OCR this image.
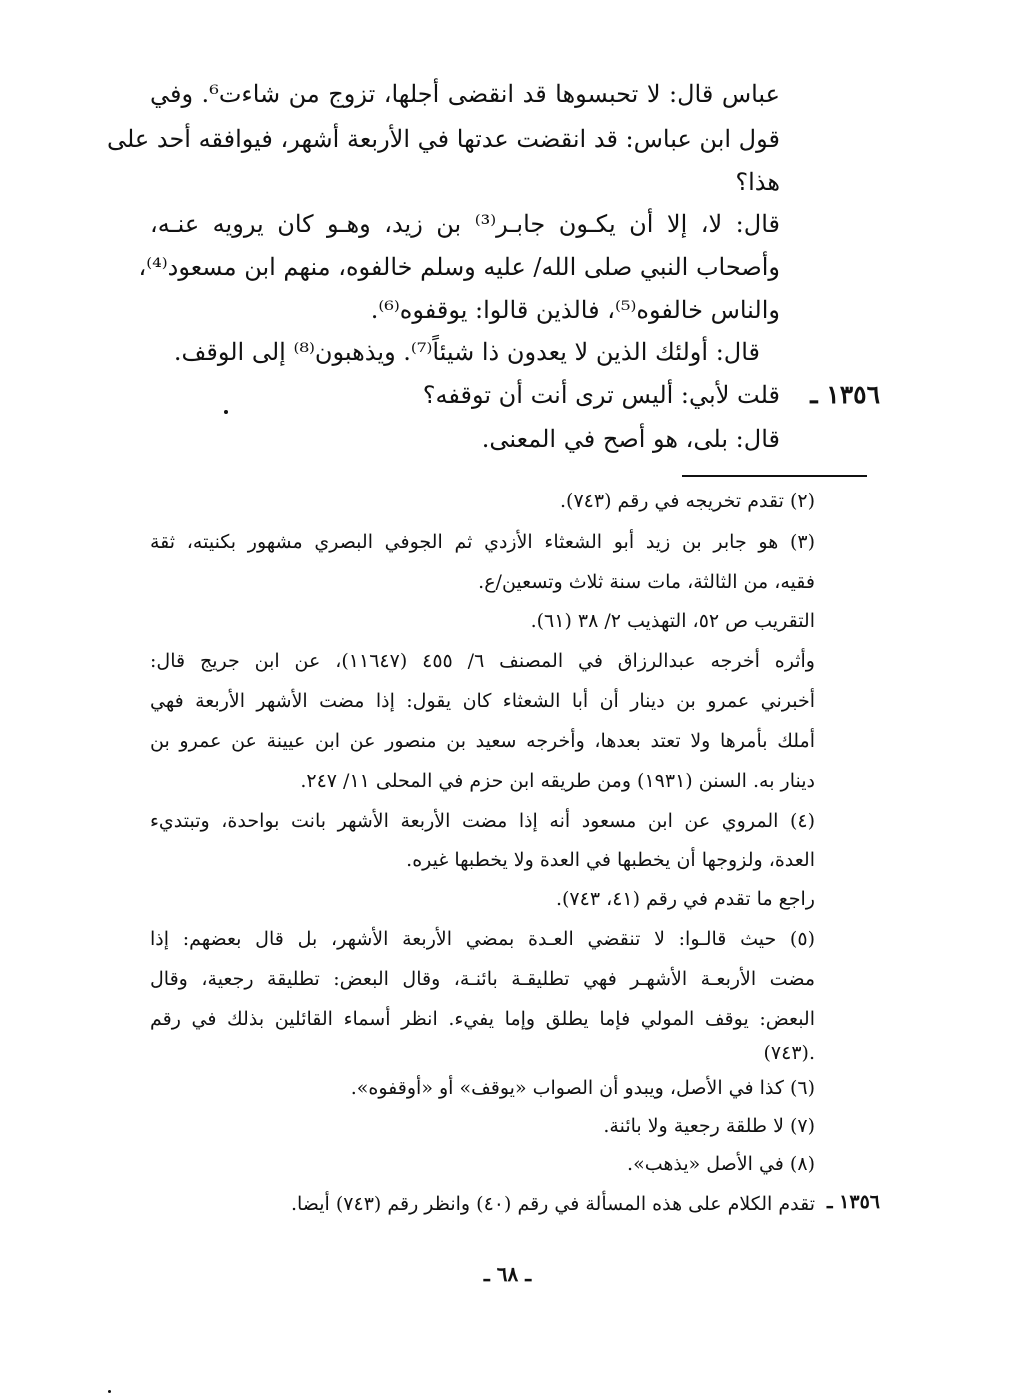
عباس قال: لا تحبسوها قد انقضى أجلها، تزوج من شاءت⁶. وفي
قول ابن عباس: قد انقضت عدتها في الأربعة أشهر، فيوافقه أحد على
هذا؟
قال: لا، إلا أن يكـون جابـر⁽³⁾ بن زيد، وهـو كان يرويه عنـه،
وأصحاب النبي صلى الله/ عليه وسلم خالفوه، منهم ابن مسعود⁽⁴⁾،
والناس خالفوه⁽⁵⁾، فالذين قالوا: يوقفوه⁽⁶⁾.
قال: أولئك الذين لا يعدون ذا شيئاً⁽⁷⁾. ويذهبون⁽⁸⁾ إلى الوقف.
قلت لأبي: أليس ترى أنت أن توقفه؟
قال: بلى، هو أصح في المعنى.
١٣٥٦ ـ
(٢) تقدم تخريجه في رقم (٧٤٣).
(٣) هو جابر بن زيد أبو الشعثاء الأزدي ثم الجوفي البصري مشهور بكنيته، ثقة
فقيه، من الثالثة، مات سنة ثلاث وتسعين/ع.
التقريب ص ٥٢، التهذيب ٢/ ٣٨ (٦١).
وأثره أخرجه عبدالرزاق في المصنف ٦/ ٤٥٥ (١١٦٤٧)، عن ابن جريج قال:
أخبرني عمرو بن دينار أن أبا الشعثاء كان يقول: إذا مضت الأشهر الأربعة فهي
أملك بأمرها ولا تعتد بعدها، وأخرجه سعيد بن منصور عن ابن عيينة عن عمرو بن
دينار به. السنن (١٩٣١) ومن طريقه ابن حزم في المحلى ١١/ ٢٤٧.
(٤) المروي عن ابن مسعود أنه إذا مضت الأربعة الأشهر بانت بواحدة، وتبتديء
العدة، ولزوجها أن يخطبها في العدة ولا يخطبها غيره.
راجع ما تقدم في رقم (٤١، ٧٤٣).
(٥) حيث قالـوا: لا تنقضي العـدة بمضي الأربعة الأشهر، بل قال بعضهم: إذا
مضت الأربعـة الأشهـر فهي تطليقـة بائنـة، وقال البعض: تطليقة رجعية، وقال
البعض: يوقف المولي فإما يطلق وإما يفيء. انظر أسماء القائلين بذلك في رقم
(٧٤٣).
(٦) كذا في الأصل، ويبدو أن الصواب «يوقف» أو «أوقفوه».
(٧) لا طلقة رجعية ولا بائنة.
(٨) في الأصل «يذهب».
تقدم الكلام على هذه المسألة في رقم (٤٠) وانظر رقم (٧٤٣) أيضا. ١٣٥٦ ـ
ـ ٦٨ ـ
